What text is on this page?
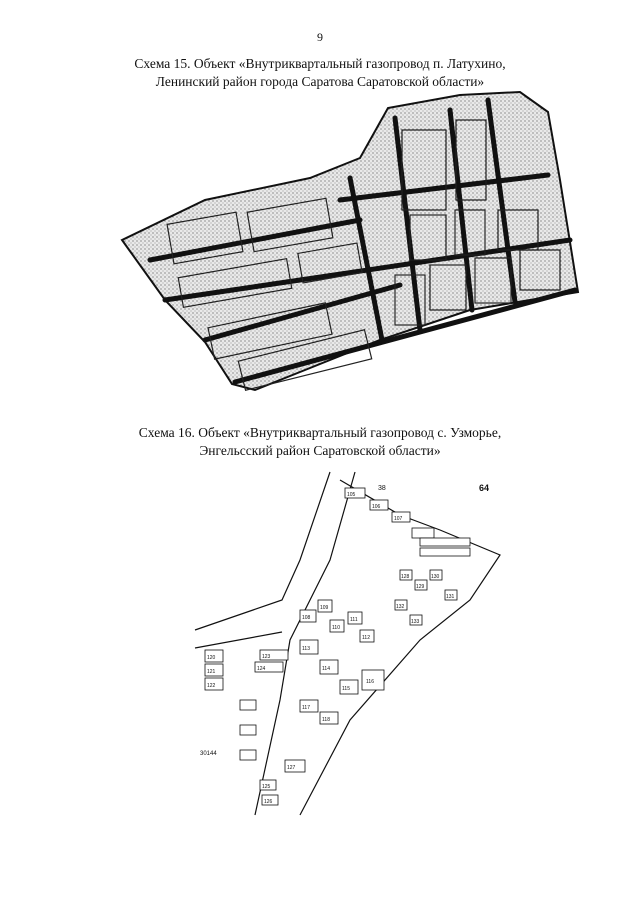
9
Схема 15. Объект «Внутриквартальный газопровод п. Латухино,
Ленинский район города Саратова Саратовской области»
Схема 16. Объект «Внутриквартальный газопровод с. Узморье,
Энгельсский район Саратовской области»
38	64
30144
105
106
107
108
109
110
111
112
113
114
115
116
117
118
120
121
122
123
124
125
126
127
128
129
130
131
132
133
